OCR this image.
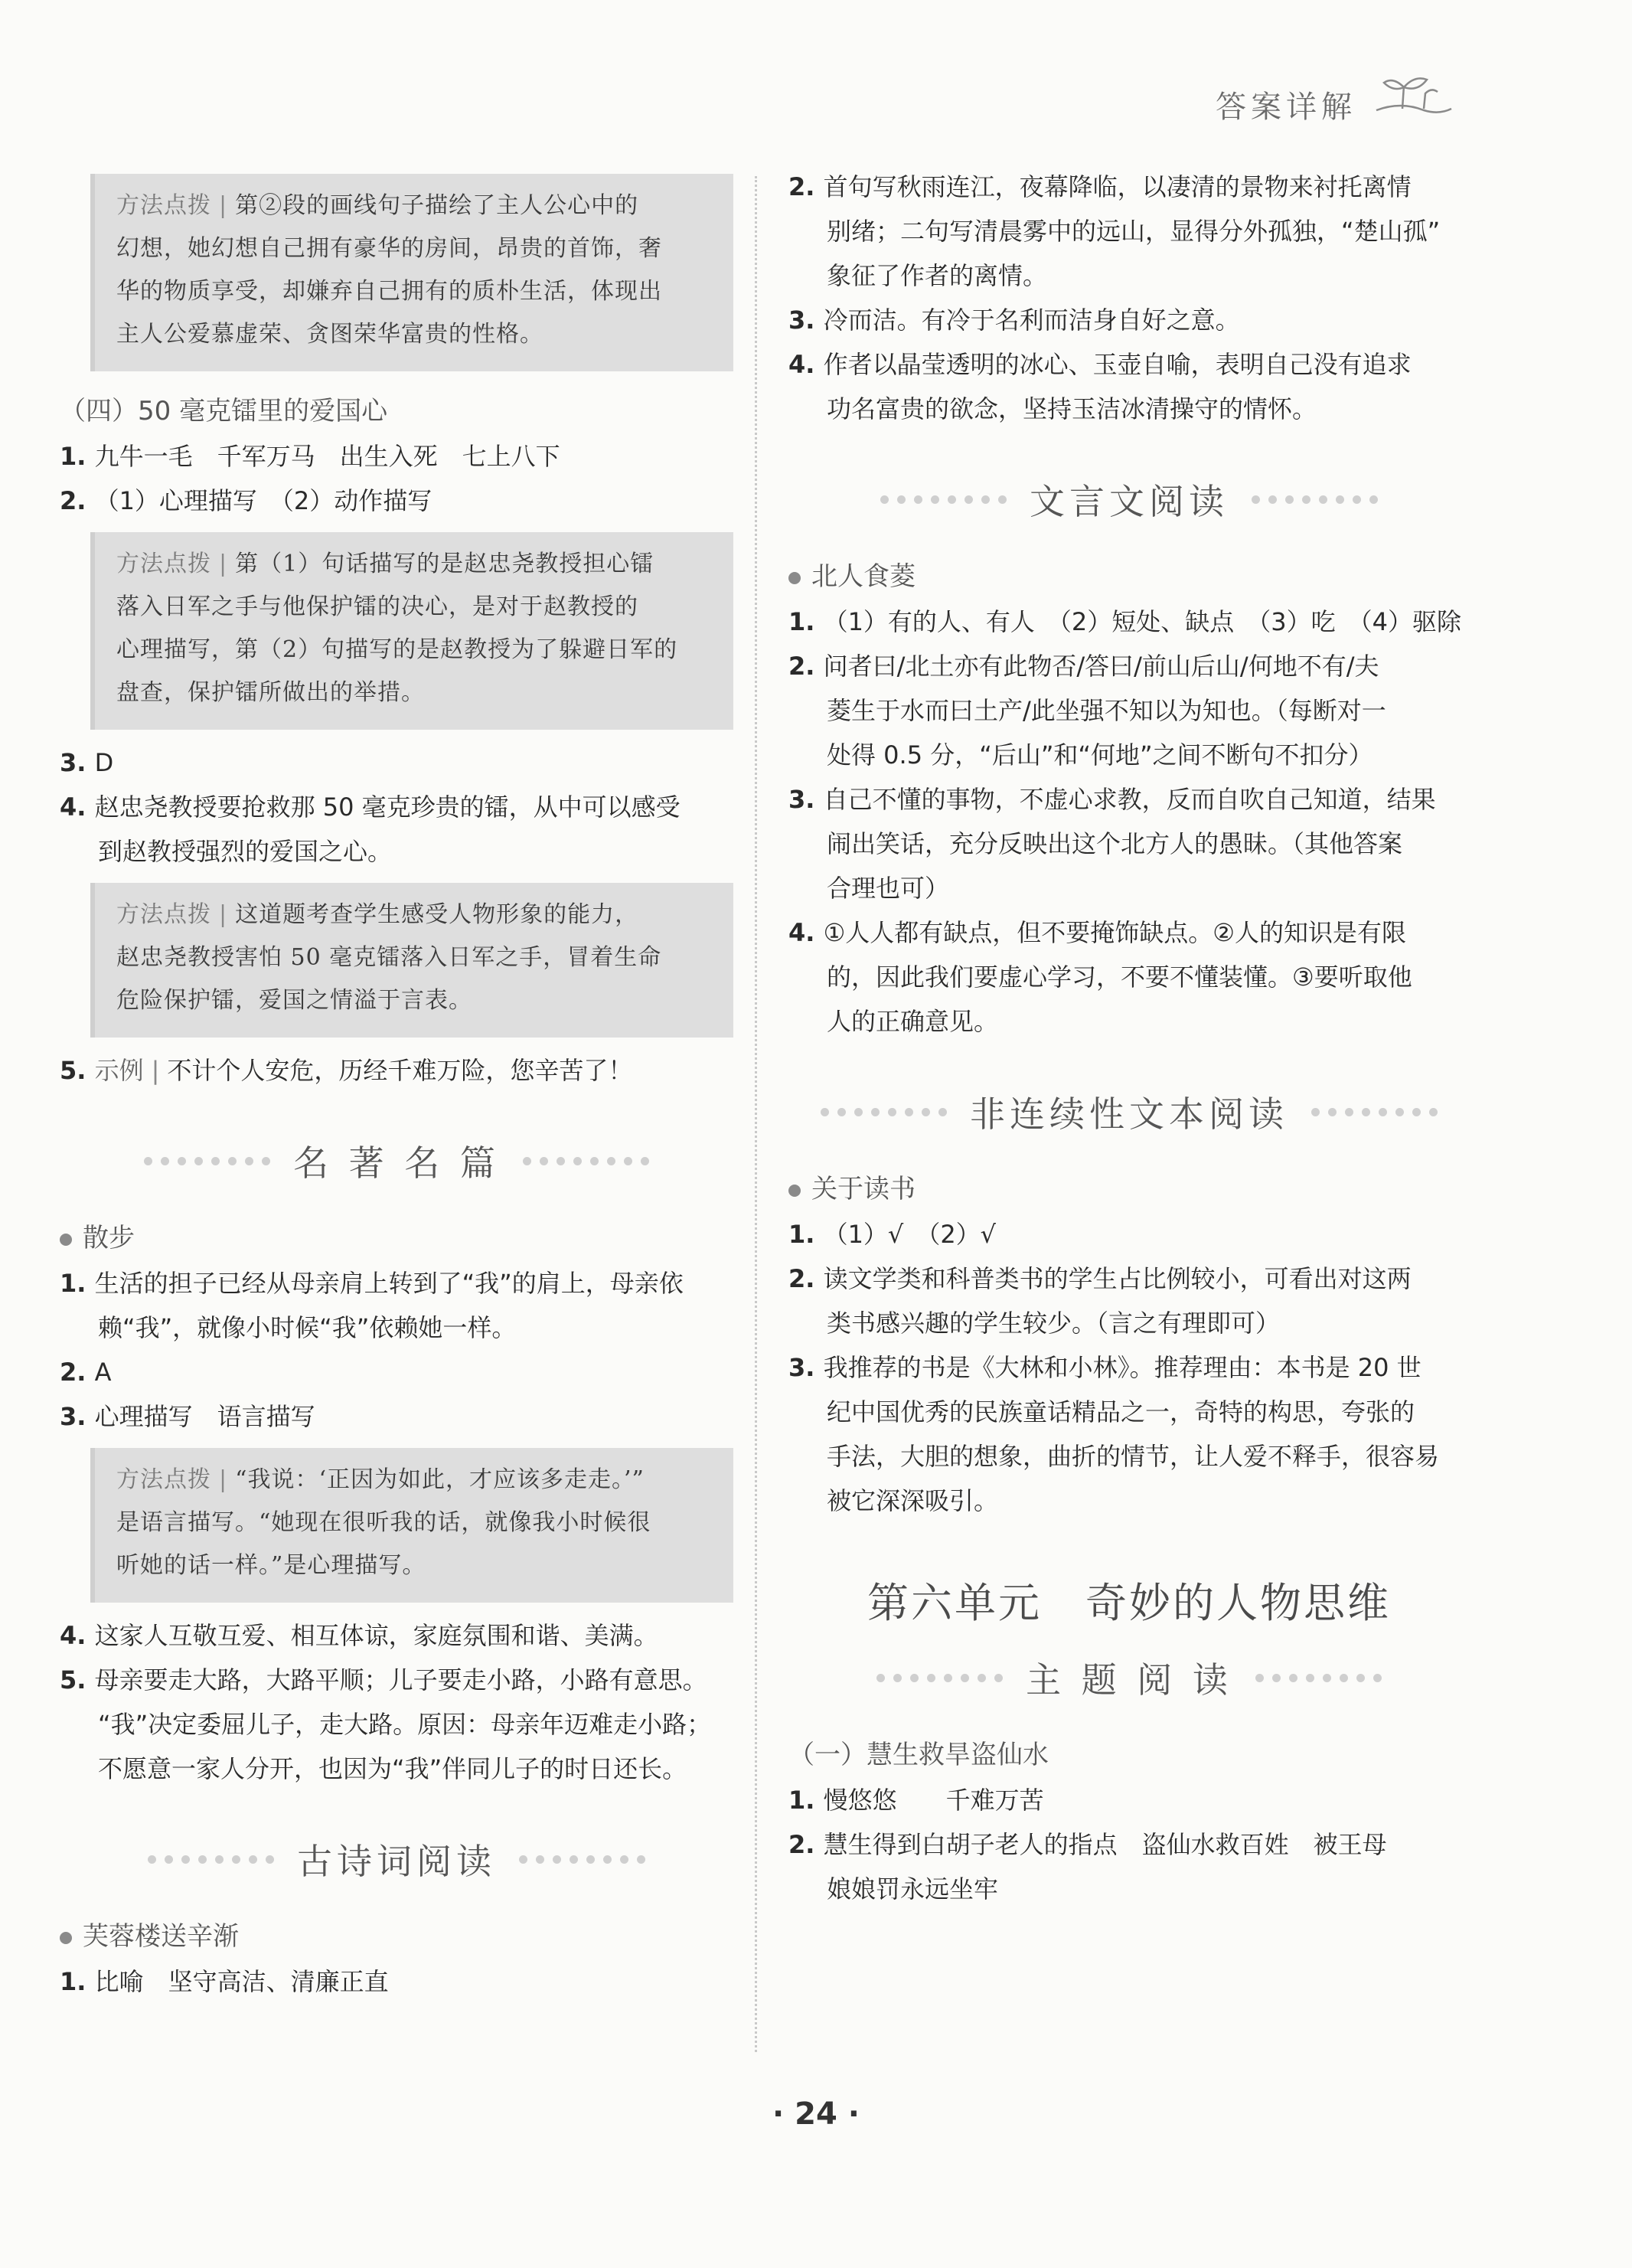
答案详解
方法点拨 | 第②段的画线句子描绘了主人公心中的
幻想，她幻想自己拥有豪华的房间，昂贵的首饰，奢
华的物质享受，却嫌弃自己拥有的质朴生活，体现出
主人公爱慕虚荣、贪图荣华富贵的性格。
（四）50 毫克镭里的爱国心
1. 九牛一毛　千军万马　出生入死　七上八下
2. （1）心理描写　（2）动作描写
方法点拨 | 第（1）句话描写的是赵忠尧教授担心镭
落入日军之手与他保护镭的决心，是对于赵教授的
心理描写，第（2）句描写的是赵教授为了躲避日军的
盘查，保护镭所做出的举措。
3. D
4. 赵忠尧教授要抢救那 50 毫克珍贵的镭，从中可以感受
到赵教授强烈的爱国之心。
方法点拨 | 这道题考查学生感受人物形象的能力，
赵忠尧教授害怕 50 毫克镭落入日军之手，冒着生命
危险保护镭，爱国之情溢于言表。
5. 示例 | 不计个人安危，历经千难万险，您辛苦了！
名 著 名 篇
散步
1. 生活的担子已经从母亲肩上转到了“我”的肩上，母亲依
赖“我”，就像小时候“我”依赖她一样。
2. A
3. 心理描写　语言描写
方法点拨 | “我说：‘正因为如此，才应该多走走。’”
是语言描写。“她现在很听我的话，就像我小时候很
听她的话一样。”是心理描写。
4. 这家人互敬互爱、相互体谅，家庭氛围和谐、美满。
5. 母亲要走大路，大路平顺；儿子要走小路，小路有意思。
“我”决定委屈儿子，走大路。原因：母亲年迈难走小路；
不愿意一家人分开，也因为“我”伴同儿子的时日还长。
古诗词阅读
芙蓉楼送辛渐
1. 比喻　坚守高洁、清廉正直
2. 首句写秋雨连江，夜幕降临，以凄清的景物来衬托离情
别绪；二句写清晨雾中的远山，显得分外孤独，“楚山孤”
象征了作者的离情。
3. 冷而洁。有冷于名利而洁身自好之意。
4. 作者以晶莹透明的冰心、玉壶自喻，表明自己没有追求
功名富贵的欲念，坚持玉洁冰清操守的情怀。
文言文阅读
北人食菱
1. （1）有的人、有人　（2）短处、缺点　（3）吃　（4）驱除
2. 问者曰/北土亦有此物否/答曰/前山后山/何地不有/夫
菱生于水而曰土产/此坐强不知以为知也。（每断对一
处得 0.5 分，“后山”和“何地”之间不断句不扣分）
3. 自己不懂的事物，不虚心求教，反而自吹自己知道，结果
闹出笑话，充分反映出这个北方人的愚昧。（其他答案
合理也可）
4. ①人人都有缺点，但不要掩饰缺点。②人的知识是有限
的，因此我们要虚心学习，不要不懂装懂。③要听取他
人的正确意见。
非连续性文本阅读
关于读书
1. （1）√　（2）√
2. 读文学类和科普类书的学生占比例较小，可看出对这两
类书感兴趣的学生较少。（言之有理即可）
3. 我推荐的书是《大林和小林》。推荐理由：本书是 20 世
纪中国优秀的民族童话精品之一，奇特的构思，夸张的
手法，大胆的想象，曲折的情节，让人爱不释手，很容易
被它深深吸引。
第六单元　奇妙的人物思维
主 题 阅 读
（一）慧生救旱盗仙水
1. 慢悠悠　　千难万苦
2. 慧生得到白胡子老人的指点　盗仙水救百姓　被王母
娘娘罚永远坐牢
· 24 ·
